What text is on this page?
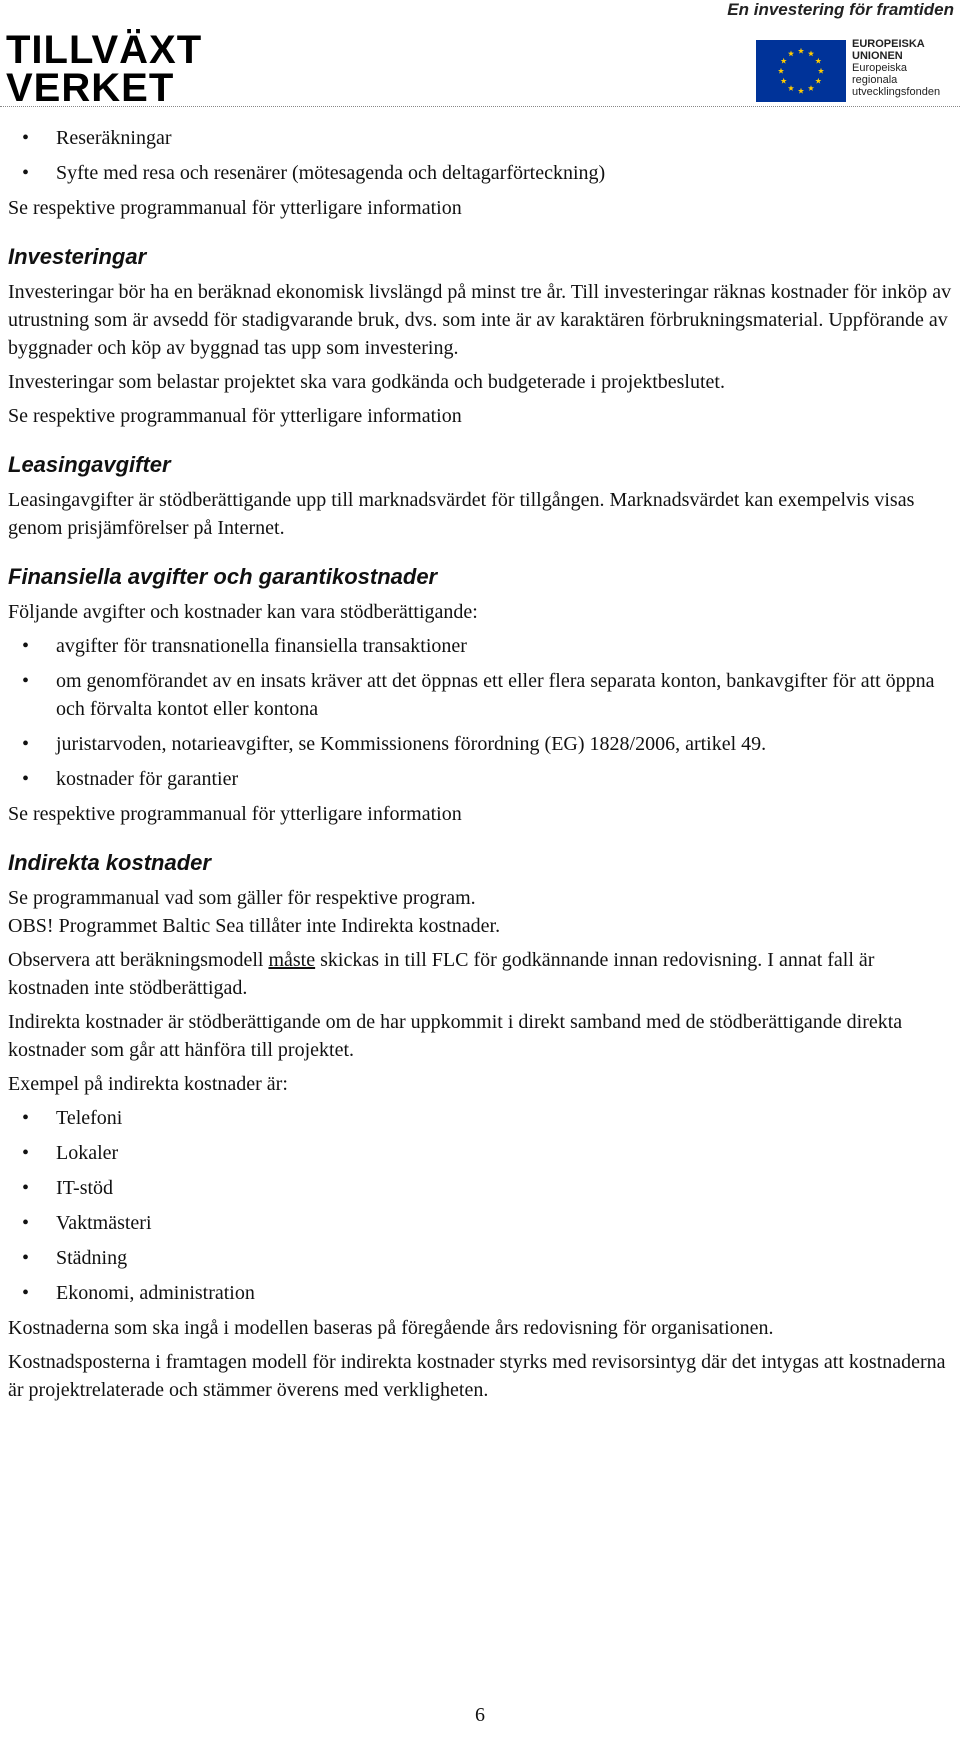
TILLVÄXT
VERKET
En investering för framtiden
EUROPEISKA
UNIONEN
Europeiska
regionala
utvecklingsfonden
• Reseräkningar
• Syfte med resa och resenärer (mötesagenda och deltagarförteckning)

Se respektive programmanual för ytterligare information

Investeringar

Investeringar bör ha en beräknad ekonomisk livslängd på minst tre år. Till investeringar räknas kostnader för inköp av utrustning som är avsedd för stadigvarande bruk, dvs. som inte är av karaktären förbrukningsmaterial. Uppförande av byggnader och köp av byggnad tas upp som investering.

Investeringar som belastar projektet ska vara godkända och budgeterade i projektbeslutet.

Se respektive programmanual för ytterligare information

Leasingavgifter

Leasingavgifter är stödberättigande upp till marknadsvärdet för tillgången. Marknadsvärdet kan exempelvis visas genom prisjämförelser på Internet.

Finansiella avgifter och garantikostnader

Följande avgifter och kostnader kan vara stödberättigande:

• avgifter för transnationella finansiella transaktioner
• om genomförandet av en insats kräver att det öppnas ett eller flera separata konton, bankavgifter för att öppna och förvalta kontot eller kontona
• juristarvoden, notarieavgifter, se Kommissionens förordning (EG) 1828/2006, artikel 49.
• kostnader för garantier

Se respektive programmanual för ytterligare information

Indirekta kostnader

Se programmanual vad som gäller för respektive program.
OBS! Programmet Baltic Sea tillåter inte Indirekta kostnader.

Observera att beräkningsmodell måste skickas in till FLC för godkännande innan redovisning. I annat fall är kostnaden inte stödberättigad.

Indirekta kostnader är stödberättigande om de har uppkommit i direkt samband med de stödberättigande direkta kostnader som går att hänföra till projektet.

Exempel på indirekta kostnader är:

• Telefoni
• Lokaler
• IT-stöd
• Vaktmästeri
• Städning
• Ekonomi, administration

Kostnaderna som ska ingå i modellen baseras på föregående års redovisning för organisationen.

Kostnadsposterna i framtagen modell för indirekta kostnader styrks med revisorsintyg där det intygas att kostnaderna är projektrelaterade och stämmer överens med verkligheten.

6
